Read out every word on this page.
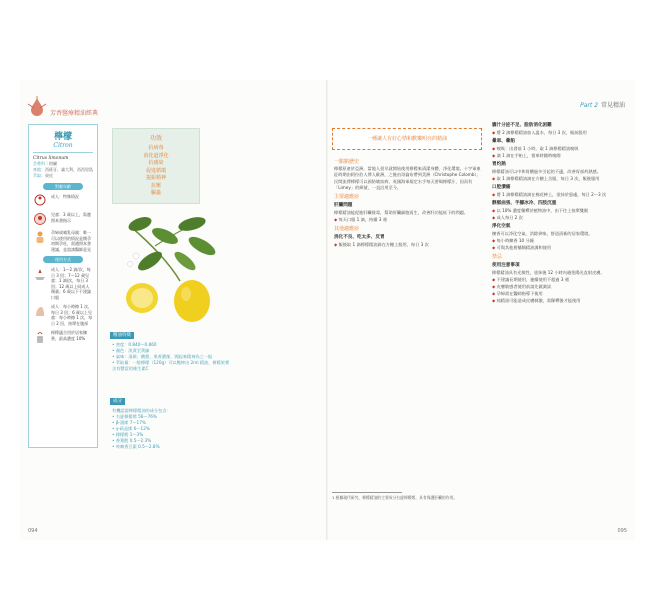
芳香醫療精油經典
檸檬
Citron
Citrus limonum
芸香科｜柑屬
產地：西班牙、義大利、西西里島
萃取：果皮
對應年齡
成人：特殊情況
兒童：3 歲以上，需遵照本書指示
孕婦或哺乳母親：唯一可以使用的情況是懷孕初期孕吐，需遵照本書建議，並諮詢醫師意見
使用方式
成人：1～2 滴/次，每日 3 回；7～12 歲兒童：1 滴/次，每日 3 回；12 歲以上同成人劑量；6 歲以下不建議口服
成人：每小時擦 1 次，每日 3 回；6 歲以上兒童：每小時擦 1 次，每日 2 回，按摩在腹部
檸檬適合用於居家擴香，最高濃度 10%
功效
抗病毒
消化道淨化
抗感染
促進循環
提振精神
抗壓
驅蟲
精油特徵
• 密度：0.840～0.860
• 顏色：淡黃至黃綠
• 氣味：清新、酸甜，果香濃郁，聞起來精神為之一振
• 萃取量：一般檸檬（120g）可以壓榨出 2ml 精油，檸檬果實含有豐富的維生素C
成分
有機認證檸檬精油的成分包含：
• 右旋檸檬烯 56～76%
• β-蒎烯 7～17%
• γ-萜品烯 6～12%
• 檸檬醛 1～3%
• 香葉醛 0.5～2.3%
• 呋喃香豆素 0.5～2.8%
094
Part 2 常見精油
一種讓人有好心情和歡樂明亮的精油

一點點歷史

檸檬原產於亞洲，當地人很早就開始使用檸檬來清潔身體、淨化環境。十字軍東征時期由阿拉伯人傳入歐洲，之後由哥倫布帶到美洲（Christophe Colomb）。

民間流傳檸檬可以預防壞血病，英國海軍規定水手每天要喝檸檬汁，因而有「Limey」的綽號，一直沿用至今。

主要適應症

肝臟問題

檸檬精油能促進肝臟排毒，幫助肝臟細胞再生，改善肝功能低下的問題。

◆ 每天口服 1 滴，持續 3 週

其他適應症

消化不良、吃太多、反胃

◆ 飯後取 1 滴檸檬精油滴在方糖上服用，每日 3 次

1 根據現代研究，檸檬精油的主要成分右旋檸檬烯，具有保護肝臟的作用。

膽汁分泌不足、脂肪消化困難

◆ 將 2 滴檸檬精油加入溫水，每日 3 次，飯前服用

暈車、暈船

◆ 嗅吸：出發前 1 小時，取 1 滴檸檬精油嗅吸

◆ 滴 1 滴在手帕上，搭車時隨時嗅聞

胃灼熱

檸檬精油可以中和胃酸過多引起的不適，改善胃部灼熱感。

◆ 取 1 滴檸檬精油滴在方糖上含服，每日 3 次，飯後服用

口腔潰瘍

◆ 將 1 滴檸檬精油滴在棉花棒上，塗抹於患處，每日 2～3 次

靜脈曲張、手腳冰冷、四肢沉重

◆ 以 10% 濃度稀釋於植物油中，由下往上按摩雙腿

◆ 成人每日 2 次

淨化空氣

擴香可以淨化空氣，消除異味，營造清新的居家環境。

◆ 每小時擴香 10 分鐘

◆ 可與其他柑橘類精油調和使用

禁忌

使用注意事項

檸檬精油具有光敏性，塗抹後 12 小時內避免陽光直射皮膚。

◆ 不建議長期使用，連續使用不超過 3 週

◆ 皮膚敏感者使用前請先做測試

◆ 孕婦需在醫師指導下使用

◆ 純精油可能造成皮膚刺激，需稀釋後才能使用

095
